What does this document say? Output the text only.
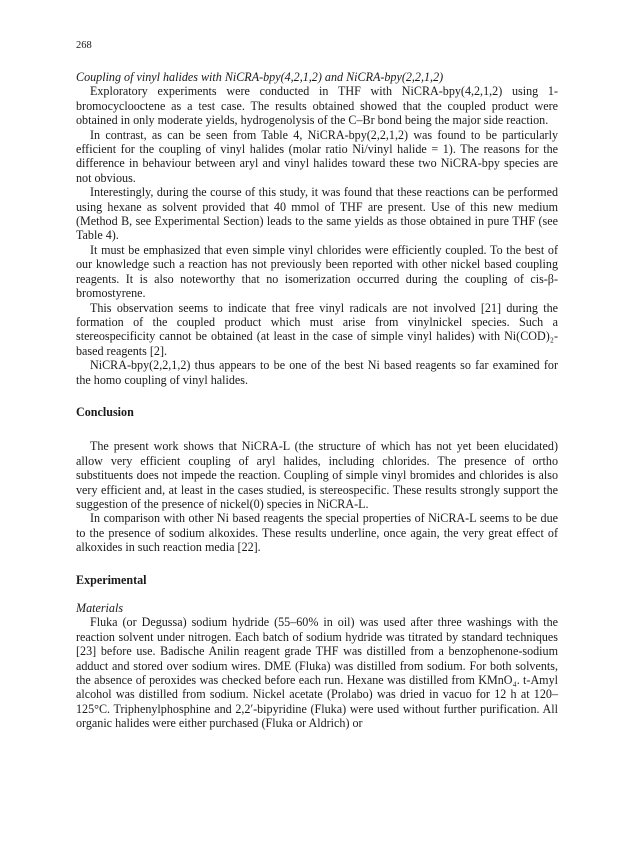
268
Coupling of vinyl halides with NiCRA-bpy(4,2,1,2) and NiCRA-bpy(2,2,1,2)

Exploratory experiments were conducted in THF with NiCRA-bpy(4,2,1,2) using 1-bromocyclooctene as a test case. The results obtained showed that the coupled product were obtained in only moderate yields, hydrogenolysis of the C–Br bond being the major side reaction.

In contrast, as can be seen from Table 4, NiCRA-bpy(2,2,1,2) was found to be particularly efficient for the coupling of vinyl halides (molar ratio Ni/vinyl halide = 1). The reasons for the difference in behaviour between aryl and vinyl halides toward these two NiCRA-bpy species are not obvious.

Interestingly, during the course of this study, it was found that these reactions can be performed using hexane as solvent provided that 40 mmol of THF are present. Use of this new medium (Method B, see Experimental Section) leads to the same yields as those obtained in pure THF (see Table 4).

It must be emphasized that even simple vinyl chlorides were efficiently coupled. To the best of our knowledge such a reaction has not previously been reported with other nickel based coupling reagents. It is also noteworthy that no isomerization occurred during the coupling of cis-β-bromostyrene.

This observation seems to indicate that free vinyl radicals are not involved [21] during the formation of the coupled product which must arise from vinylnickel species. Such a stereospecificity cannot be obtained (at least in the case of simple vinyl halides) with Ni(COD)₂-based reagents [2].

NiCRA-bpy(2,2,1,2) thus appears to be one of the best Ni based reagents so far examined for the homo coupling of vinyl halides.

Conclusion

The present work shows that NiCRA-L (the structure of which has not yet been elucidated) allow very efficient coupling of aryl halides, including chlorides. The presence of ortho substituents does not impede the reaction. Coupling of simple vinyl bromides and chlorides is also very efficient and, at least in the cases studied, is stereospecific. These results strongly support the suggestion of the presence of nickel(0) species in NiCRA-L.

In comparison with other Ni based reagents the special properties of NiCRA-L seems to be due to the presence of sodium alkoxides. These results underline, once again, the very great effect of alkoxides in such reaction media [22].

Experimental
Materials

Fluka (or Degussa) sodium hydride (55–60% in oil) was used after three washings with the reaction solvent under nitrogen. Each batch of sodium hydride was titrated by standard techniques [23] before use. Badische Anilin reagent grade THF was distilled from a benzophenone-sodium adduct and stored over sodium wires. DME (Fluka) was distilled from sodium. For both solvents, the absence of peroxides was checked before each run. Hexane was distilled from KMnO₄. t-Amyl alcohol was distilled from sodium. Nickel acetate (Prolabo) was dried in vacuo for 12 h at 120–125°C. Triphenylphosphine and 2,2′-bipyridine (Fluka) were used without further purification. All organic halides were either purchased (Fluka or Aldrich) or
